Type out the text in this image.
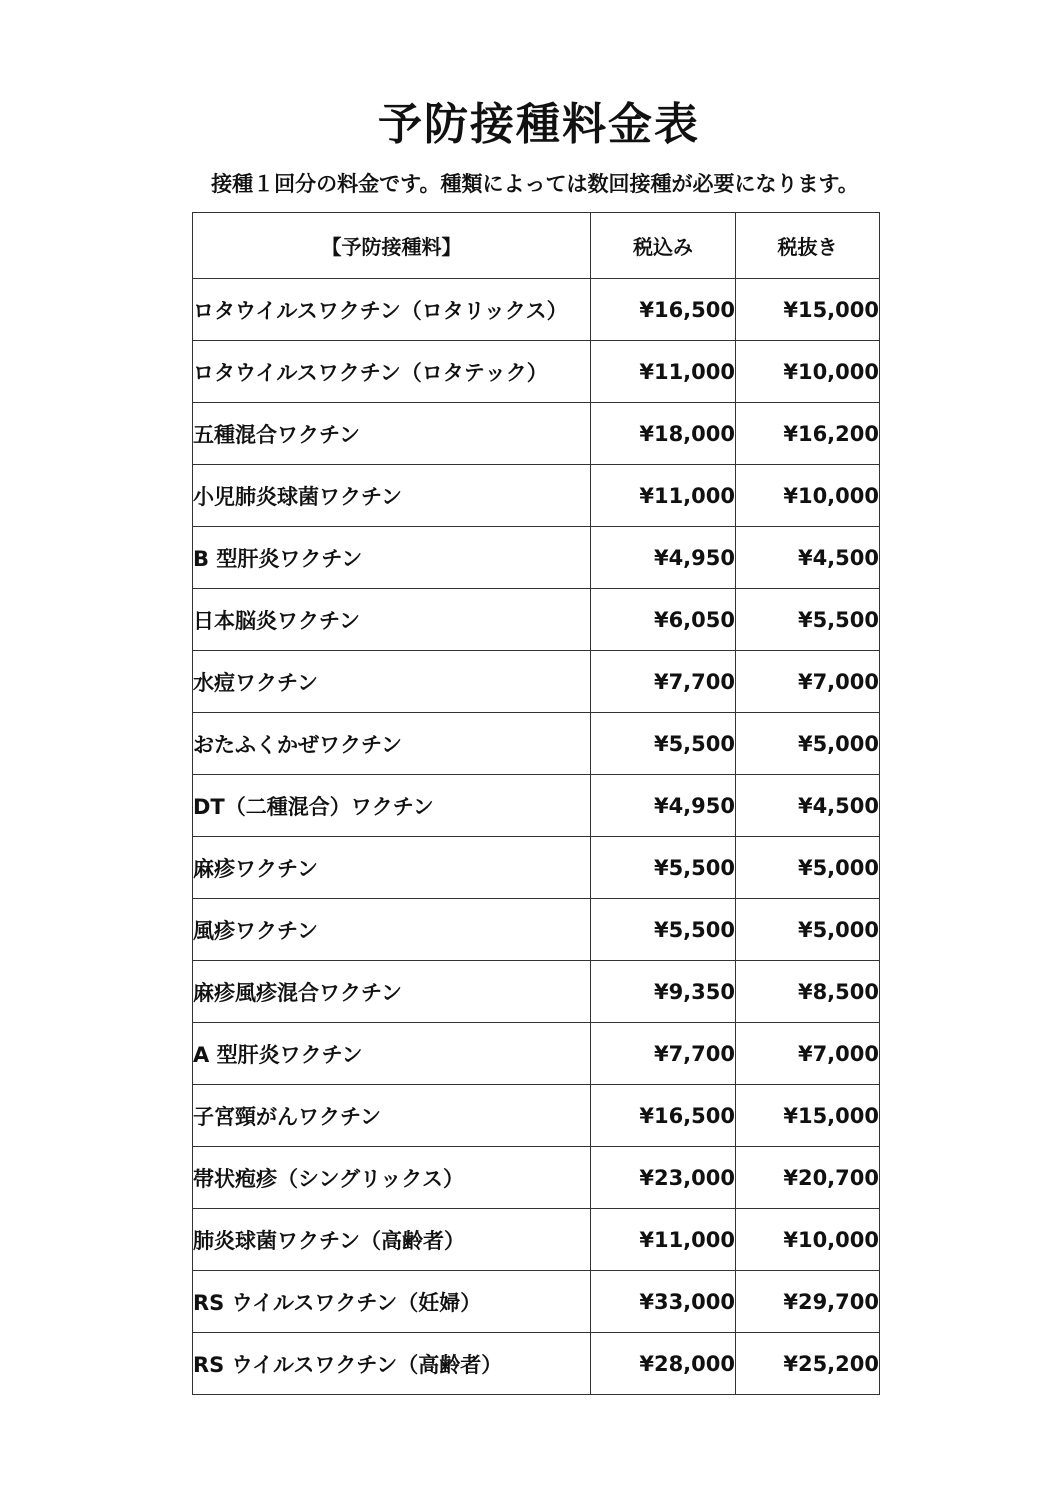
予防接種料金表

接種１回分の料金です。種類によっては数回接種が必要になります。

【予防接種料】	税込み	税抜き
ロタウイルスワクチン（ロタリックス）	¥16,500	¥15,000
ロタウイルスワクチン（ロタテック）	¥11,000	¥10,000
五種混合ワクチン	¥18,000	¥16,200
小児肺炎球菌ワクチン	¥11,000	¥10,000
B 型肝炎ワクチン	¥4,950	¥4,500
日本脳炎ワクチン	¥6,050	¥5,500
水痘ワクチン	¥7,700	¥7,000
おたふくかぜワクチン	¥5,500	¥5,000
DT（二種混合）ワクチン	¥4,950	¥4,500
麻疹ワクチン	¥5,500	¥5,000
風疹ワクチン	¥5,500	¥5,000
麻疹風疹混合ワクチン	¥9,350	¥8,500
A 型肝炎ワクチン	¥7,700	¥7,000
子宮頸がんワクチン	¥16,500	¥15,000
帯状疱疹（シングリックス）	¥23,000	¥20,700
肺炎球菌ワクチン（高齢者）	¥11,000	¥10,000
RS ウイルスワクチン（妊婦）	¥33,000	¥29,700
RS ウイルスワクチン（高齢者）	¥28,000	¥25,200
